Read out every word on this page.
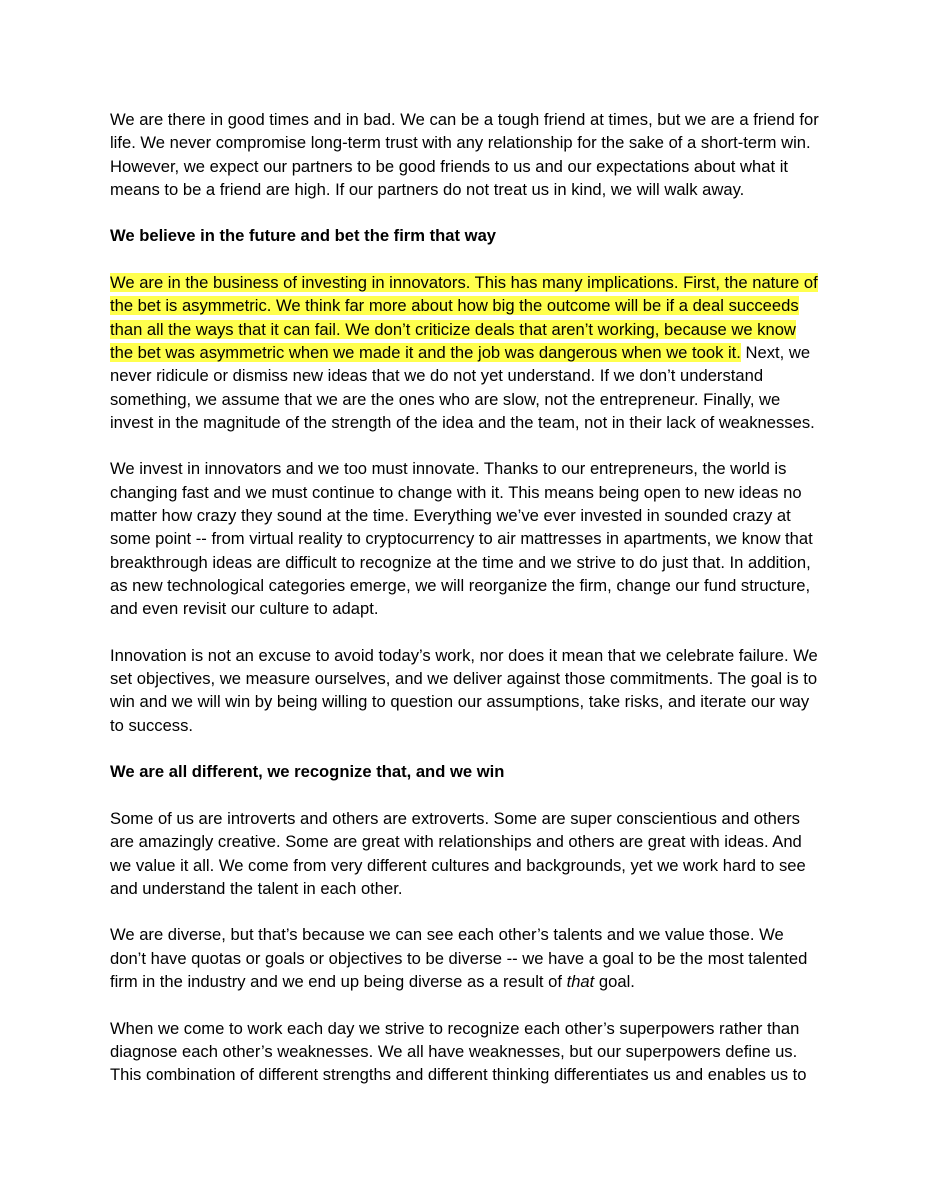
We are there in good times and in bad. We can be a tough friend at times, but we are a friend for life. We never compromise long-term trust with any relationship for the sake of a short-term win. However, we expect our partners to be good friends to us and our expectations about what it means to be a friend are high. If our partners do not treat us in kind, we will walk away.

We believe in the future and bet the firm that way

We are in the business of investing in innovators. This has many implications. First, the nature of the bet is asymmetric. We think far more about how big the outcome will be if a deal succeeds than all the ways that it can fail. We don’t criticize deals that aren’t working, because we know the bet was asymmetric when we made it and the job was dangerous when we took it. Next, we never ridicule or dismiss new ideas that we do not yet understand. If we don’t understand something, we assume that we are the ones who are slow, not the entrepreneur. Finally, we invest in the magnitude of the strength of the idea and the team, not in their lack of weaknesses.

We invest in innovators and we too must innovate. Thanks to our entrepreneurs, the world is changing fast and we must continue to change with it. This means being open to new ideas no matter how crazy they sound at the time. Everything we’ve ever invested in sounded crazy at some point -- from virtual reality to cryptocurrency to air mattresses in apartments, we know that breakthrough ideas are difficult to recognize at the time and we strive to do just that. In addition, as new technological categories emerge, we will reorganize the firm, change our fund structure, and even revisit our culture to adapt.

Innovation is not an excuse to avoid today’s work, nor does it mean that we celebrate failure. We set objectives, we measure ourselves, and we deliver against those commitments. The goal is to win and we will win by being willing to question our assumptions, take risks, and iterate our way to success.

We are all different, we recognize that, and we win

Some of us are introverts and others are extroverts. Some are super conscientious and others are amazingly creative. Some are great with relationships and others are great with ideas. And we value it all. We come from very different cultures and backgrounds, yet we work hard to see and understand the talent in each other.

We are diverse, but that’s because we can see each other’s talents and we value those. We don’t have quotas or goals or objectives to be diverse -- we have a goal to be the most talented firm in the industry and we end up being diverse as a result of that goal.

When we come to work each day we strive to recognize each other’s superpowers rather than diagnose each other’s weaknesses. We all have weaknesses, but our superpowers define us. This combination of different strengths and different thinking differentiates us and enables us to
